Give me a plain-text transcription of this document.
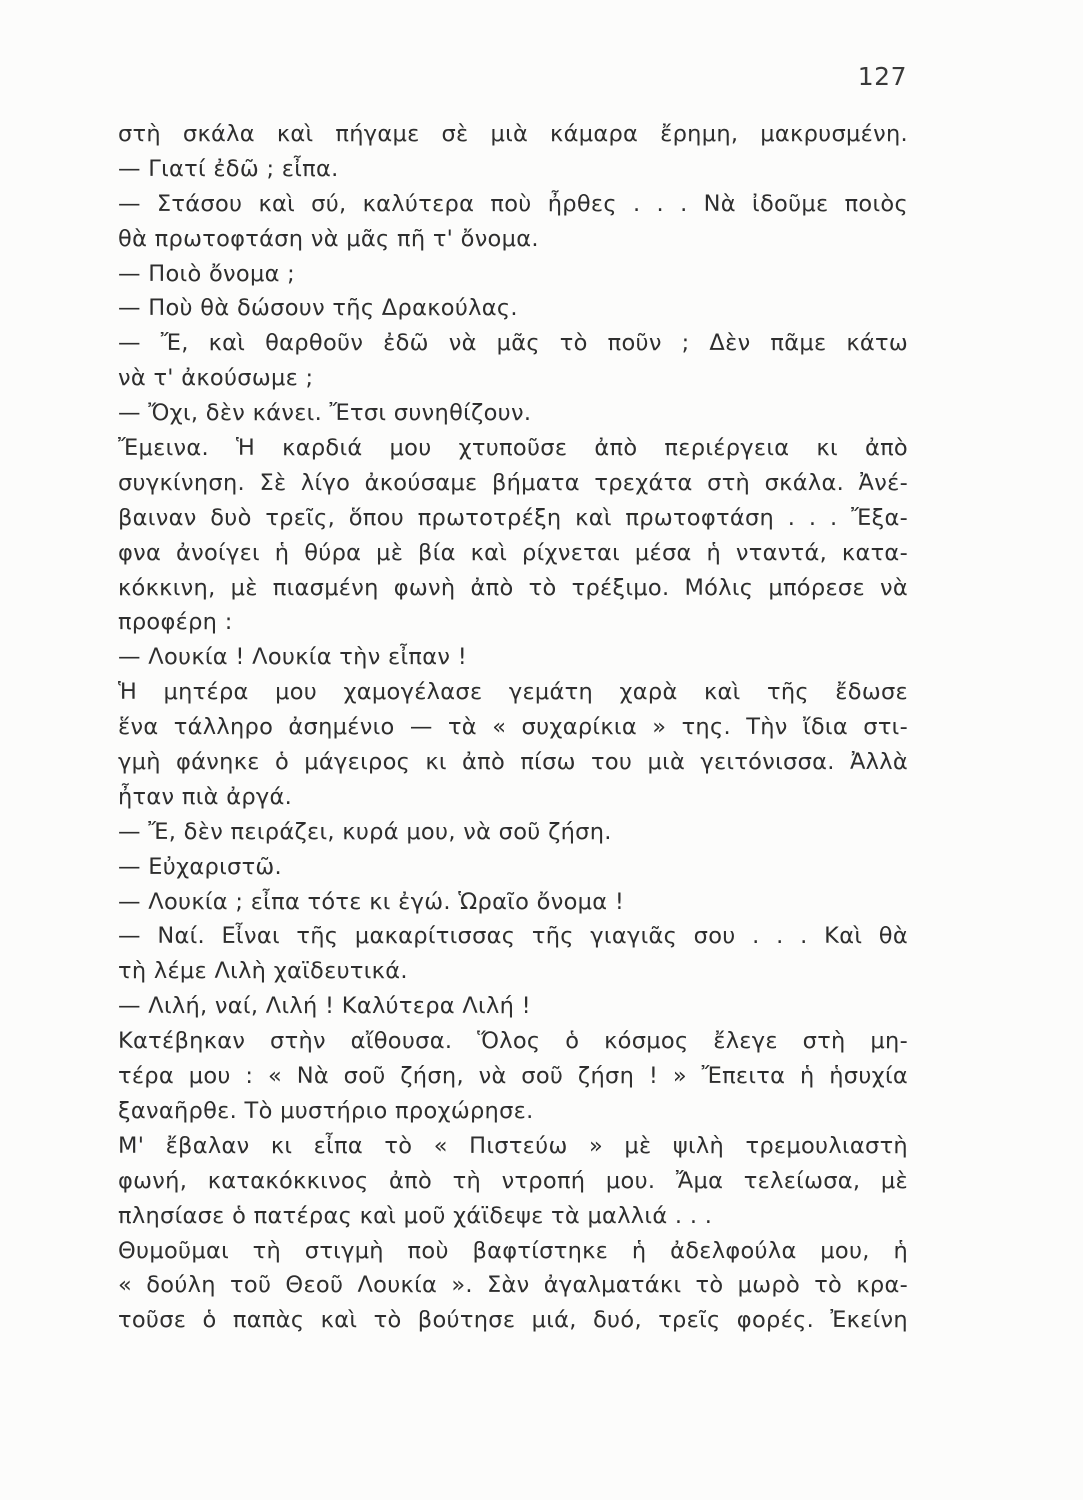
127
στὴ σκάλα καὶ πήγαμε σὲ μιὰ κάμαρα ἔρημη, μακρυσμένη.
— Γιατί ἐδῶ ; εἶπα.
— Στάσου καὶ σύ, καλύτερα ποὺ ἦρθες . . . Νὰ ἰδοῦμε ποιὸς
θὰ πρωτοφτάση νὰ μᾶς πῆ τ' ὄνομα.
— Ποιὸ ὄνομα ;
— Ποὺ θὰ δώσουν τῆς Δρακούλας.
— Ἔ, καὶ θαρθοῦν ἐδῶ νὰ μᾶς τὸ ποῦν ; Δὲν πᾶμε κάτω
νὰ τ' ἀκούσωμε ;
— Ὄχι, δὲν κάνει. Ἔτσι συνηθίζουν.
Ἔμεινα. Ἡ καρδιά μου χτυποῦσε ἀπὸ περιέργεια κι ἀπὸ
συγκίνηση. Σὲ λίγο ἀκούσαμε βήματα τρεχάτα στὴ σκάλα. Ἀνέ-
βαιναν δυὸ τρεῖς, ὅπου πρωτοτρέξη καὶ πρωτοφτάση . . . Ἔξα-
φνα ἀνοίγει ἡ θύρα μὲ βία καὶ ρίχνεται μέσα ἡ νταντά, κατα-
κόκκινη, μὲ πιασμένη φωνὴ ἀπὸ τὸ τρέξιμο. Μόλις μπόρεσε νὰ
προφέρη :
— Λουκία ! Λουκία τὴν εἶπαν !
Ἡ μητέρα μου χαμογέλασε γεμάτη χαρὰ καὶ τῆς ἔδωσε
ἕνα τάλληρο ἀσημένιο — τὰ « συχαρίκια » της. Τὴν ἴδια στι-
γμὴ φάνηκε ὁ μάγειρος κι ἀπὸ πίσω του μιὰ γειτόνισσα. Ἀλλὰ
ἦταν πιὰ ἀργά.
— Ἔ, δὲν πειράζει, κυρά μου, νὰ σοῦ ζήση.
— Εὐχαριστῶ.
— Λουκία ; εἶπα τότε κι ἐγώ. Ὡραῖο ὄνομα !
— Ναί. Εἶναι τῆς μακαρίτισσας τῆς γιαγιᾶς σου . . . Καὶ θὰ
τὴ λέμε Λιλὴ χαϊδευτικά.
— Λιλή, ναί, Λιλή ! Καλύτερα Λιλή !
Κατέβηκαν στὴν αἴθουσα. Ὅλος ὁ κόσμος ἔλεγε στὴ μη-
τέρα μου : « Νὰ σοῦ ζήση, νὰ σοῦ ζήση ! » Ἔπειτα ἡ ἡσυχία
ξαναῆρθε. Τὸ μυστήριο προχώρησε.
Μ' ἔβαλαν κι εἶπα τὸ « Πιστεύω » μὲ ψιλὴ τρεμουλιαστὴ
φωνή, κατακόκκινος ἀπὸ τὴ ντροπή μου. Ἄμα τελείωσα, μὲ
πλησίασε ὁ πατέρας καὶ μοῦ χάϊδεψε τὰ μαλλιά . . .
Θυμοῦμαι τὴ στιγμὴ ποὺ βαφτίστηκε ἡ ἀδελφούλα μου, ἡ
« δούλη τοῦ Θεοῦ Λουκία ». Σὰν ἀγαλματάκι τὸ μωρὸ τὸ κρα-
τοῦσε ὁ παπὰς καὶ τὸ βούτησε μιά, δυό, τρεῖς φορές. Ἐκείνη
